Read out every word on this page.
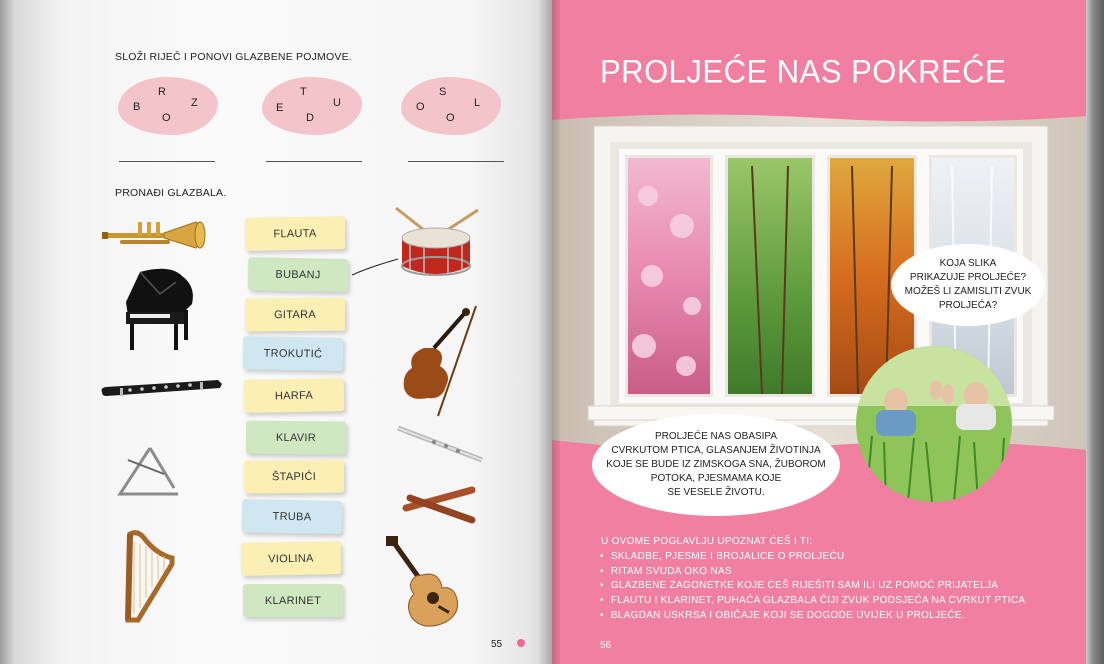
SLOŽI RIJEČ I PONOVI GLAZBENE POJMOVE.
R
B	Z
O
T
E	U
D
S
O	L
O
PRONAĐI GLAZBALA.
FLAUTA
BUBANJ
GITARA
TROKUTIĆ
HARFA
KLAVIR
ŠTAPIĆI
TRUBA
VIOLINA
KLARINET
55
PROLJEĆE NAS POKREĆE
KOJA SLIKA
PRIKAZUJE PROLJEĆE?
MOŽEŠ LI ZAMISLITI ZVUK
PROLJEĆA?
PROLJEĆE NAS OBASIPA
CVRKUTOM PTICA, GLASANJEM ŽIVOTINJA
KOJE SE BUDE IZ ZIMSKOGA SNA, ŽUBOROM
POTOKA, PJESMAMA KOJE
SE VESELE ŽIVOTU.
U OVOME POGLAVLJU UPOZNAT ĆEŠ I TI:
• SKLADBE, PJESME I BROJALICE O PROLJEĆU
• RITAM SVUDA OKO NAS
• GLAZBENE ZAGONETKE KOJE ĆEŠ RIJEŠITI SAM ILI UZ POMOĆ PRIJATELJA
• FLAUTU I KLARINET, PUHAĆA GLAZBALA ČIJI ZVUK PODSJEĆA NA CVRKUT PTICA
• BLAGDAN USKRSA I OBIČAJE KOJI SE DOGODE UVIJEK U PROLJEĆE.
56
